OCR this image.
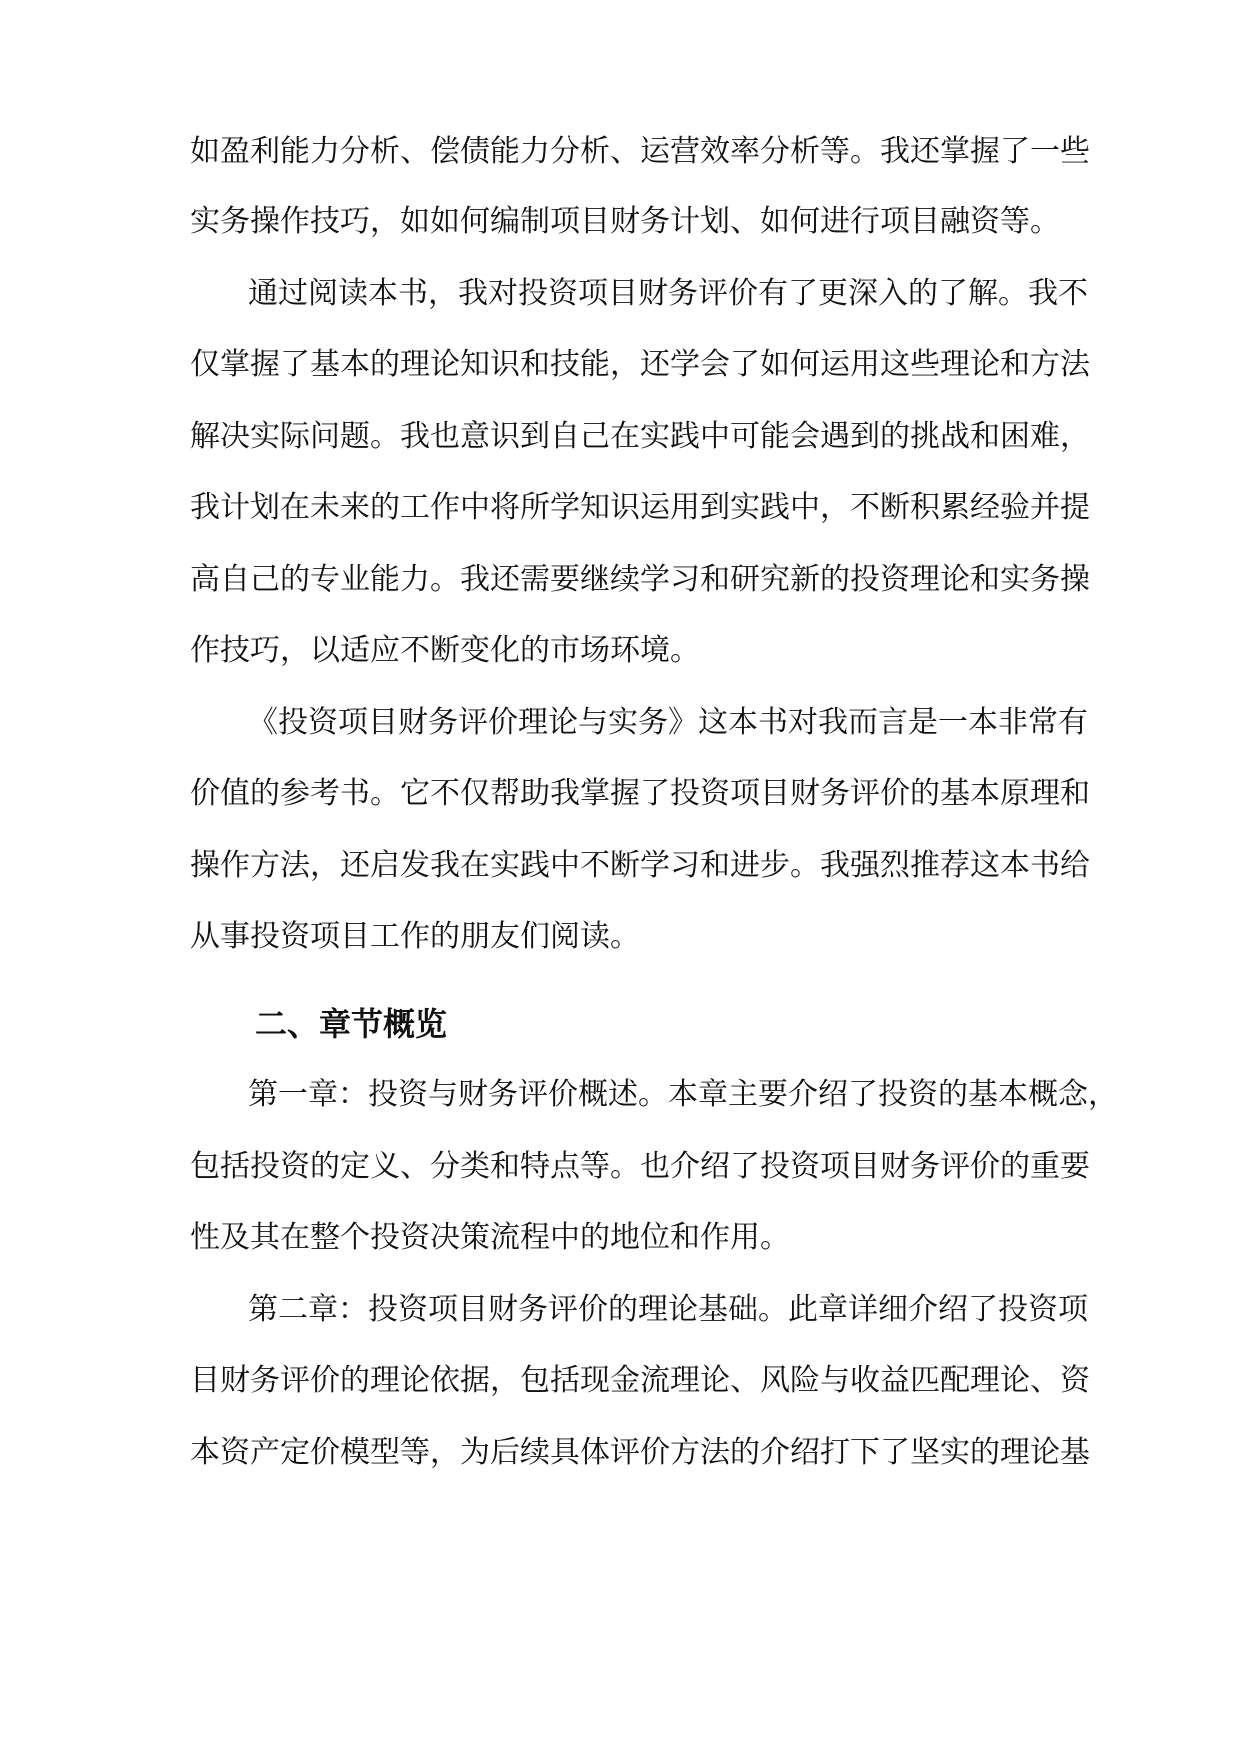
如盈利能力分析、偿债能力分析、运营效率分析等。我还掌握了一些
实务操作技巧，如如何编制项目财务计划、如何进行项目融资等。
通过阅读本书，我对投资项目财务评价有了更深入的了解。我不
仅掌握了基本的理论知识和技能，还学会了如何运用这些理论和方法
解决实际问题。我也意识到自己在实践中可能会遇到的挑战和困难，
我计划在未来的工作中将所学知识运用到实践中，不断积累经验并提
高自己的专业能力。我还需要继续学习和研究新的投资理论和实务操
作技巧，以适应不断变化的市场环境。
《投资项目财务评价理论与实务》这本书对我而言是一本非常有
价值的参考书。它不仅帮助我掌握了投资项目财务评价的基本原理和
操作方法，还启发我在实践中不断学习和进步。我强烈推荐这本书给
从事投资项目工作的朋友们阅读。
二、章节概览
第一章：投资与财务评价概述。本章主要介绍了投资的基本概念，
包括投资的定义、分类和特点等。也介绍了投资项目财务评价的重要
性及其在整个投资决策流程中的地位和作用。
第二章：投资项目财务评价的理论基础。此章详细介绍了投资项
目财务评价的理论依据，包括现金流理论、风险与收益匹配理论、资
本资产定价模型等，为后续具体评价方法的介绍打下了坚实的理论基
